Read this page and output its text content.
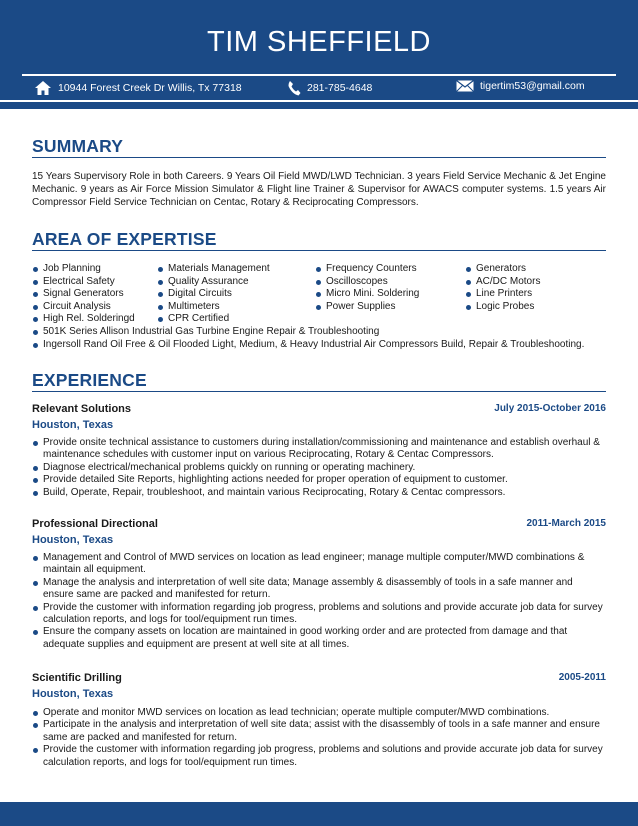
TIM SHEFFIELD
10944 Forest Creek Dr Willis, Tx 77318	281-785-4648	tigertim53@gmail.com
SUMMARY
15 Years Supervisory Role in both Careers. 9 Years Oil Field MWD/LWD Technician. 3 years Field Service Mechanic & Jet Engine Mechanic. 9 years as Air Force Mission Simulator & Flight line Trainer & Supervisor for AWACS computer systems. 1.5 years Air Compressor Field Service Technician on Centac, Rotary & Reciprocating Compressors.
AREA OF EXPERTISE
Job Planning
Electrical Safety
Signal Generators
Circuit Analysis
High Rel. Solderingd
Materials Management
Quality Assurance
Digital Circuits
Multimeters
CPR Certified
Frequency Counters
Oscilloscopes
Micro Mini. Soldering
Power Supplies
Generators
AC/DC Motors
Line Printers
Logic Probes
501K Series Allison Industrial Gas Turbine Engine Repair & Troubleshooting
Ingersoll Rand Oil Free & Oil Flooded Light, Medium, & Heavy Industrial Air Compressors Build, Repair & Troubleshooting.
EXPERIENCE
Relevant Solutions	July 2015-October 2016
Houston, Texas
Provide onsite technical assistance to customers during installation/commissioning and maintenance and establish overhaul & maintenance schedules with customer input on various Reciprocating, Rotary & Centac Compressors.
Diagnose electrical/mechanical problems quickly on running or operating machinery.
Provide detailed Site Reports, highlighting actions needed for proper operation of equipment to customer.
Build, Operate, Repair, troubleshoot, and maintain various Reciprocating, Rotary & Centac compressors.
Professional Directional	2011-March 2015
Houston, Texas
Management and Control of MWD services on location as lead engineer; manage multiple computer/MWD combinations & maintain all equipment.
Manage the analysis and interpretation of well site data; Manage assembly & disassembly of tools in a safe manner and ensure same are packed and manifested for return.
Provide the customer with information regarding job progress, problems and solutions and provide accurate job data for survey calculation reports, and logs for tool/equipment run times.
Ensure the company assets on location are maintained in good working order and are protected from damage and that adequate supplies and equipment are present at well site at all times.
Scientific Drilling	2005-2011
Houston, Texas
Operate and monitor MWD services on location as lead technician; operate multiple computer/MWD combinations.
Participate in the analysis and interpretation of well site data; assist with the disassembly of tools in a safe manner and ensure same are packed and manifested for return.
Provide the customer with information regarding job progress, problems and solutions and provide accurate job data for survey calculation reports, and logs for tool/equipment run times.
